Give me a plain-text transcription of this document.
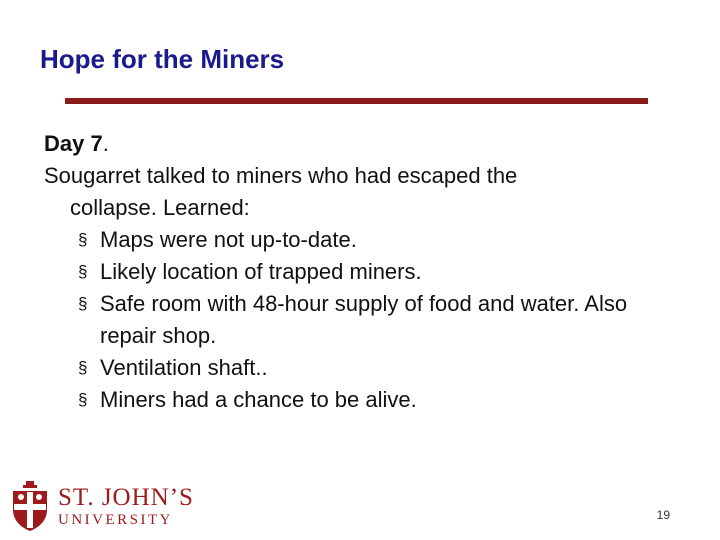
Hope for the Miners
Day 7.
Sougarret talked to miners who had escaped the
collapse. Learned:
§ Maps were not up-to-date.
§ Likely location of trapped miners.
§ Safe room with 48-hour supply of food and water. Also repair shop.
§ Ventilation shaft..
§ Miners had a chance to be alive.
ST. JOHN’S
UNIVERSITY	19
